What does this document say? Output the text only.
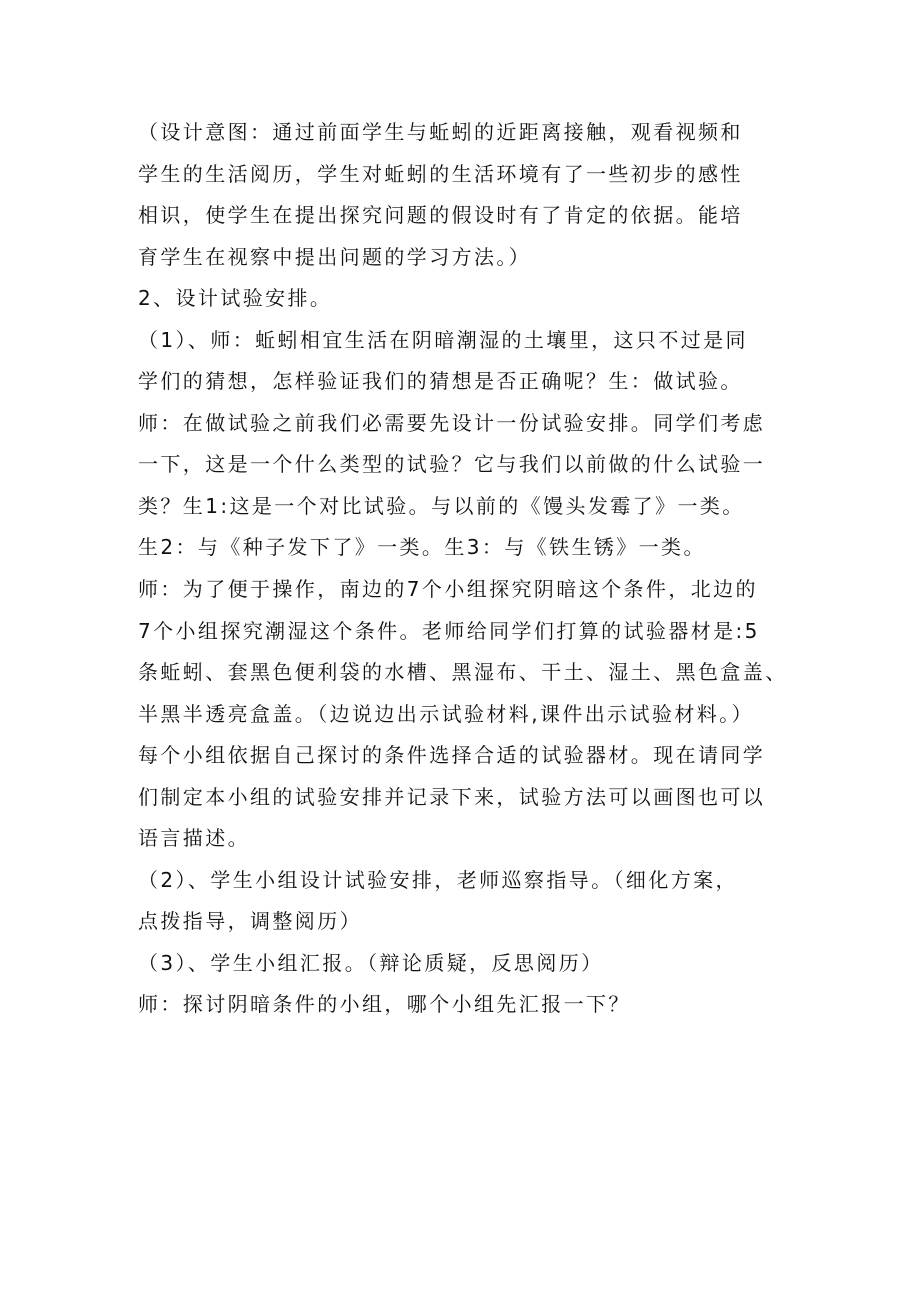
（设计意图：通过前面学生与蚯蚓的近距离接触，观看视频和
学生的生活阅历，学生对蚯蚓的生活环境有了一些初步的感性
相识，使学生在提出探究问题的假设时有了肯定的依据。能培
育学生在视察中提出问题的学习方法。）
2、设计试验安排。
（1）、师：蚯蚓相宜生活在阴暗潮湿的土壤里，这只不过是同
学们的猜想，怎样验证我们的猜想是否正确呢？生：做试验。
师：在做试验之前我们必需要先设计一份试验安排。同学们考虑
一下，这是一个什么类型的试验？它与我们以前做的什么试验一
类？生1:这是一个对比试验。与以前的《馒头发霉了》一类。
生2：与《种子发下了》一类。生3：与《铁生锈》一类。
师：为了便于操作，南边的7个小组探究阴暗这个条件，北边的
7个小组探究潮湿这个条件。老师给同学们打算的试验器材是:5
条蚯蚓、套黑色便利袋的水槽、黑湿布、干土、湿土、黑色盒盖、
半黑半透亮盒盖。（边说边出示试验材料,课件出示试验材料。）
每个小组依据自己探讨的条件选择合适的试验器材。现在请同学
们制定本小组的试验安排并记录下来，试验方法可以画图也可以
语言描述。
（2）、学生小组设计试验安排，老师巡察指导。（细化方案，
点拨指导，调整阅历）
（3）、学生小组汇报。（辩论质疑，反思阅历）
师：探讨阴暗条件的小组，哪个小组先汇报一下？
